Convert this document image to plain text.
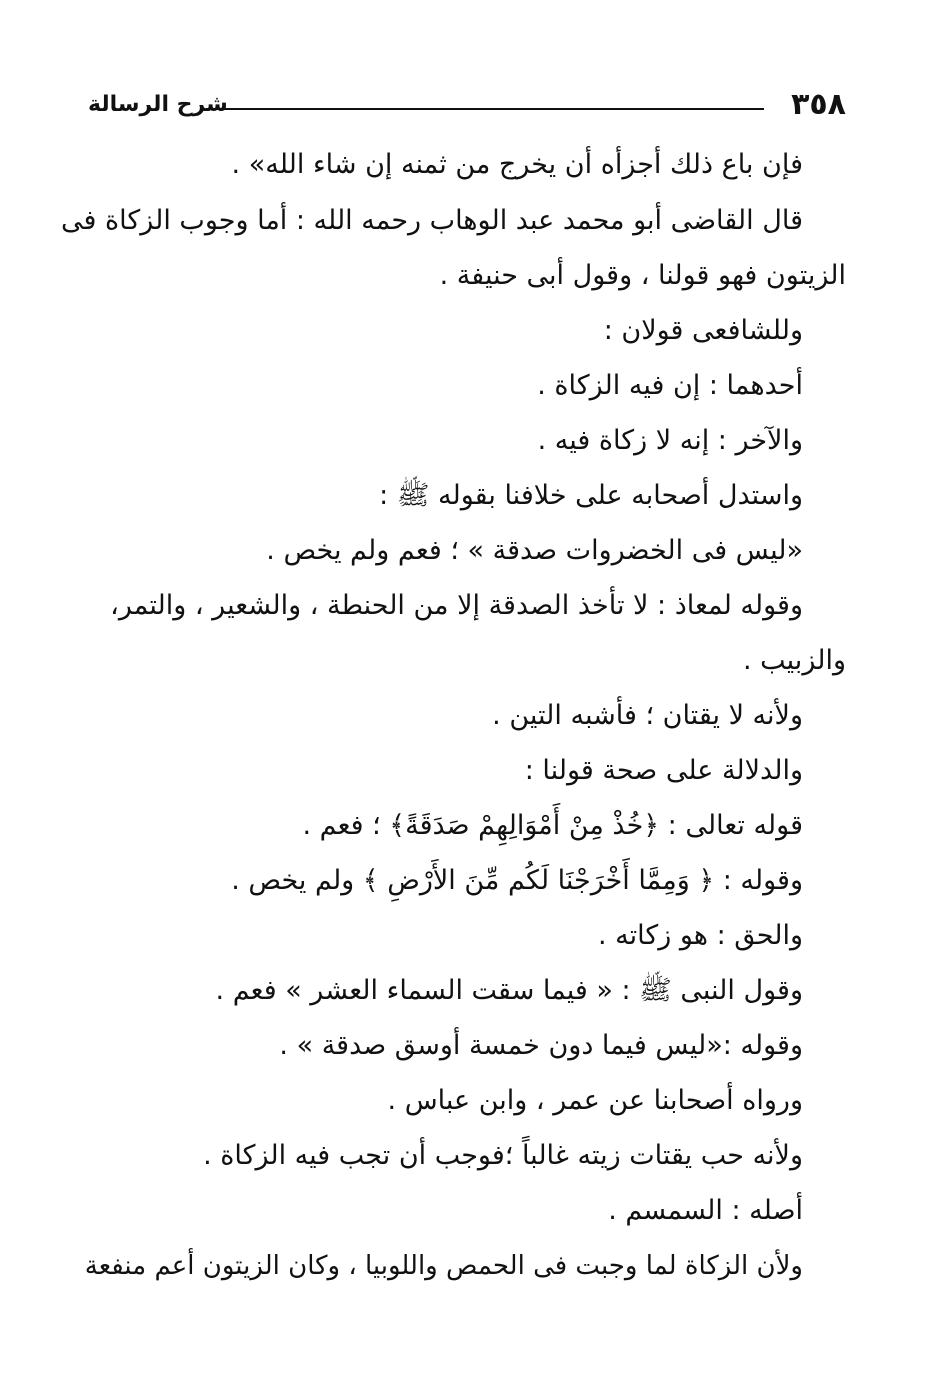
٣٥٨
شرح الرسالة
فإن باع ذلك أجزأه أن يخرج من ثمنه إن شاء الله» .
قال القاضى أبو محمد عبد الوهاب رحمه الله : أما وجوب الزكاة فى
الزيتون فهو قولنا ، وقول أبى حنيفة .
وللشافعى قولان :
أحدهما : إن فيه الزكاة .
والآخر : إنه لا زكاة فيه .
واستدل أصحابه على خلافنا بقوله ﷺ :
«ليس فى الخضروات صدقة » ؛ فعم ولم يخص .
وقوله لمعاذ : لا تأخذ الصدقة إلا من الحنطة ، والشعير ، والتمر،
والزبيب .
ولأنه لا يقتان ؛ فأشبه التين .
والدلالة على صحة قولنا :
قوله تعالى : ﴿خُذْ مِنْ أَمْوَالِهِمْ صَدَقَةً﴾ ؛ فعم .
وقوله : ﴿ وَمِمَّا أَخْرَجْنَا لَكُم مِّنَ الأَرْضِ ﴾ ولم يخص .
والحق : هو زكاته .
وقول النبى ﷺ : « فيما سقت السماء العشر » فعم .
وقوله :«ليس فيما دون خمسة أوسق صدقة » .
ورواه أصحابنا عن عمر ، وابن عباس .
ولأنه حب يقتات زيته غالباً ؛فوجب أن تجب فيه الزكاة .
أصله : السمسم .
ولأن الزكاة لما وجبت فى الحمص واللوبيا ، وكان الزيتون أعم منفعة
